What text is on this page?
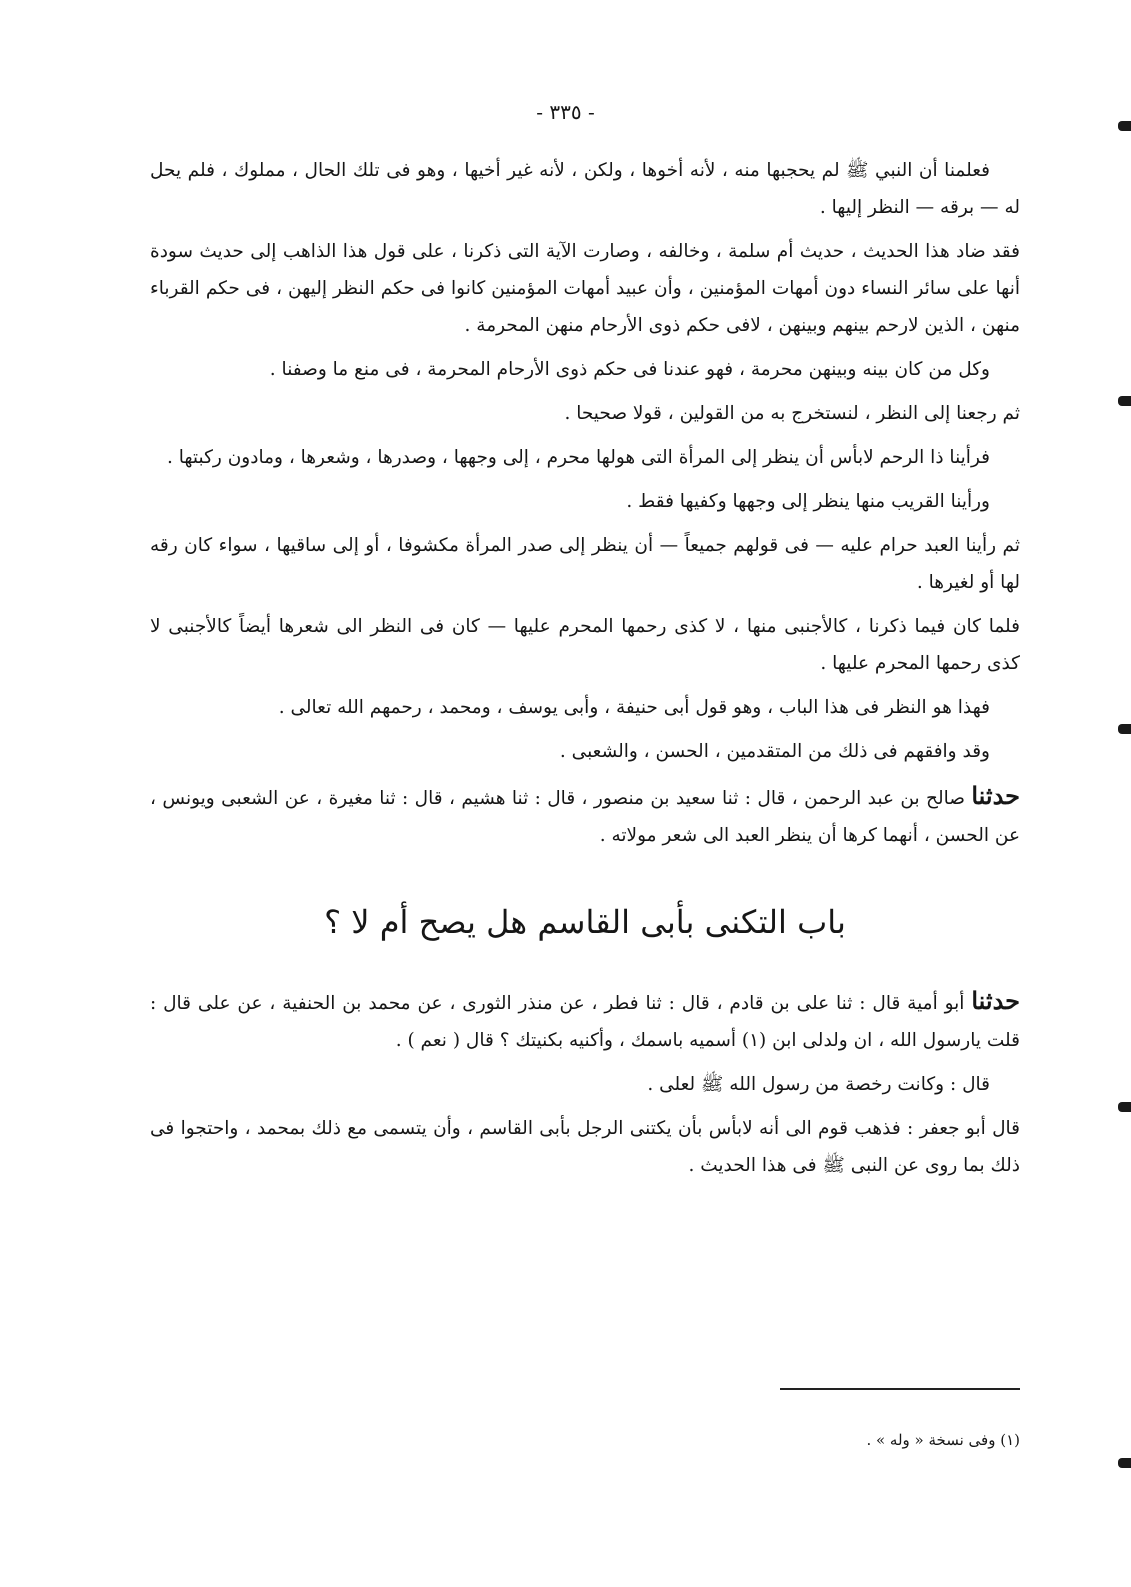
- ٣٣٥ -

فعلمنا أن النبي ﷺ لم يحجبها منه ، لأنه أخوها ، ولكن ، لأنه غير أخيها ، وهو فى تلك الحال ، مملوك ، فلم يحل له — برقه — النظر إليها .

فقد ضاد هذا الحديث ، حديث أم سلمة ، وخالفه ، وصارت الآية التى ذكرنا ، على قول هذا الذاهب إلى حديث سودة أنها على سائر النساء دون أمهات المؤمنين ، وأن عبيد أمهات المؤمنين كانوا فى حكم النظر إليهن ، فى حكم القرباء منهن ، الذين لارحم بينهم وبينهن ، لافى حكم ذوى الأرحام منهن المحرمة .

وكل من كان بينه وبينهن محرمة ، فهو عندنا فى حكم ذوى الأرحام المحرمة ، فى منع ما وصفنا .

ثم رجعنا إلى النظر ، لنستخرج به من القولين ، قولا صحيحا .

فرأينا ذا الرحم لابأس أن ينظر إلى المرأة التى هولها محرم ، إلى وجهها ، وصدرها ، وشعرها ، ومادون ركبتها .

ورأينا القريب منها ينظر إلى وجهها وكفيها فقط .

ثم رأينا العبد حرام عليه — فى قولهم جميعاً — أن ينظر إلى صدر المرأة مكشوفا ، أو إلى ساقيها ، سواء كان رقه لها أو لغيرها .

فلما كان فيما ذكرنا ، كالأجنبى منها ، لا كذى رحمها المحرم عليها — كان فى النظر الى شعرها أيضاً كالأجنبى لا كذى رحمها المحرم عليها .

فهذا هو النظر فى هذا الباب ، وهو قول أبى حنيفة ، وأبى يوسف ، ومحمد ، رحمهم الله تعالى .

وقد وافقهم فى ذلك من المتقدمين ، الحسن ، والشعبى .

حدثنا صالح بن عبد الرحمن ، قال : ثنا سعيد بن منصور ، قال : ثنا هشيم ، قال : ثنا مغيرة ، عن الشعبى ويونس ، عن الحسن ، أنهما كرها أن ينظر العبد الى شعر مولاته .

باب التكنى بأبى القاسم هل يصح أم لا ؟

حدثنا أبو أمية قال : ثنا على بن قادم ، قال : ثنا فطر ، عن منذر الثورى ، عن محمد بن الحنفية ، عن على قال : قلت يارسول الله ، ان ولدلى ابن (١) أسميه باسمك ، وأكنيه بكنيتك ؟ قال ( نعم ) .

قال : وكانت رخصة من رسول الله ﷺ لعلى .

قال أبو جعفر : فذهب قوم الى أنه لابأس بأن يكتنى الرجل بأبى القاسم ، وأن يتسمى مع ذلك بمحمد ، واحتجوا فى ذلك بما روى عن النبى ﷺ فى هذا الحديث .

(١) وفى نسخة « وله » .
